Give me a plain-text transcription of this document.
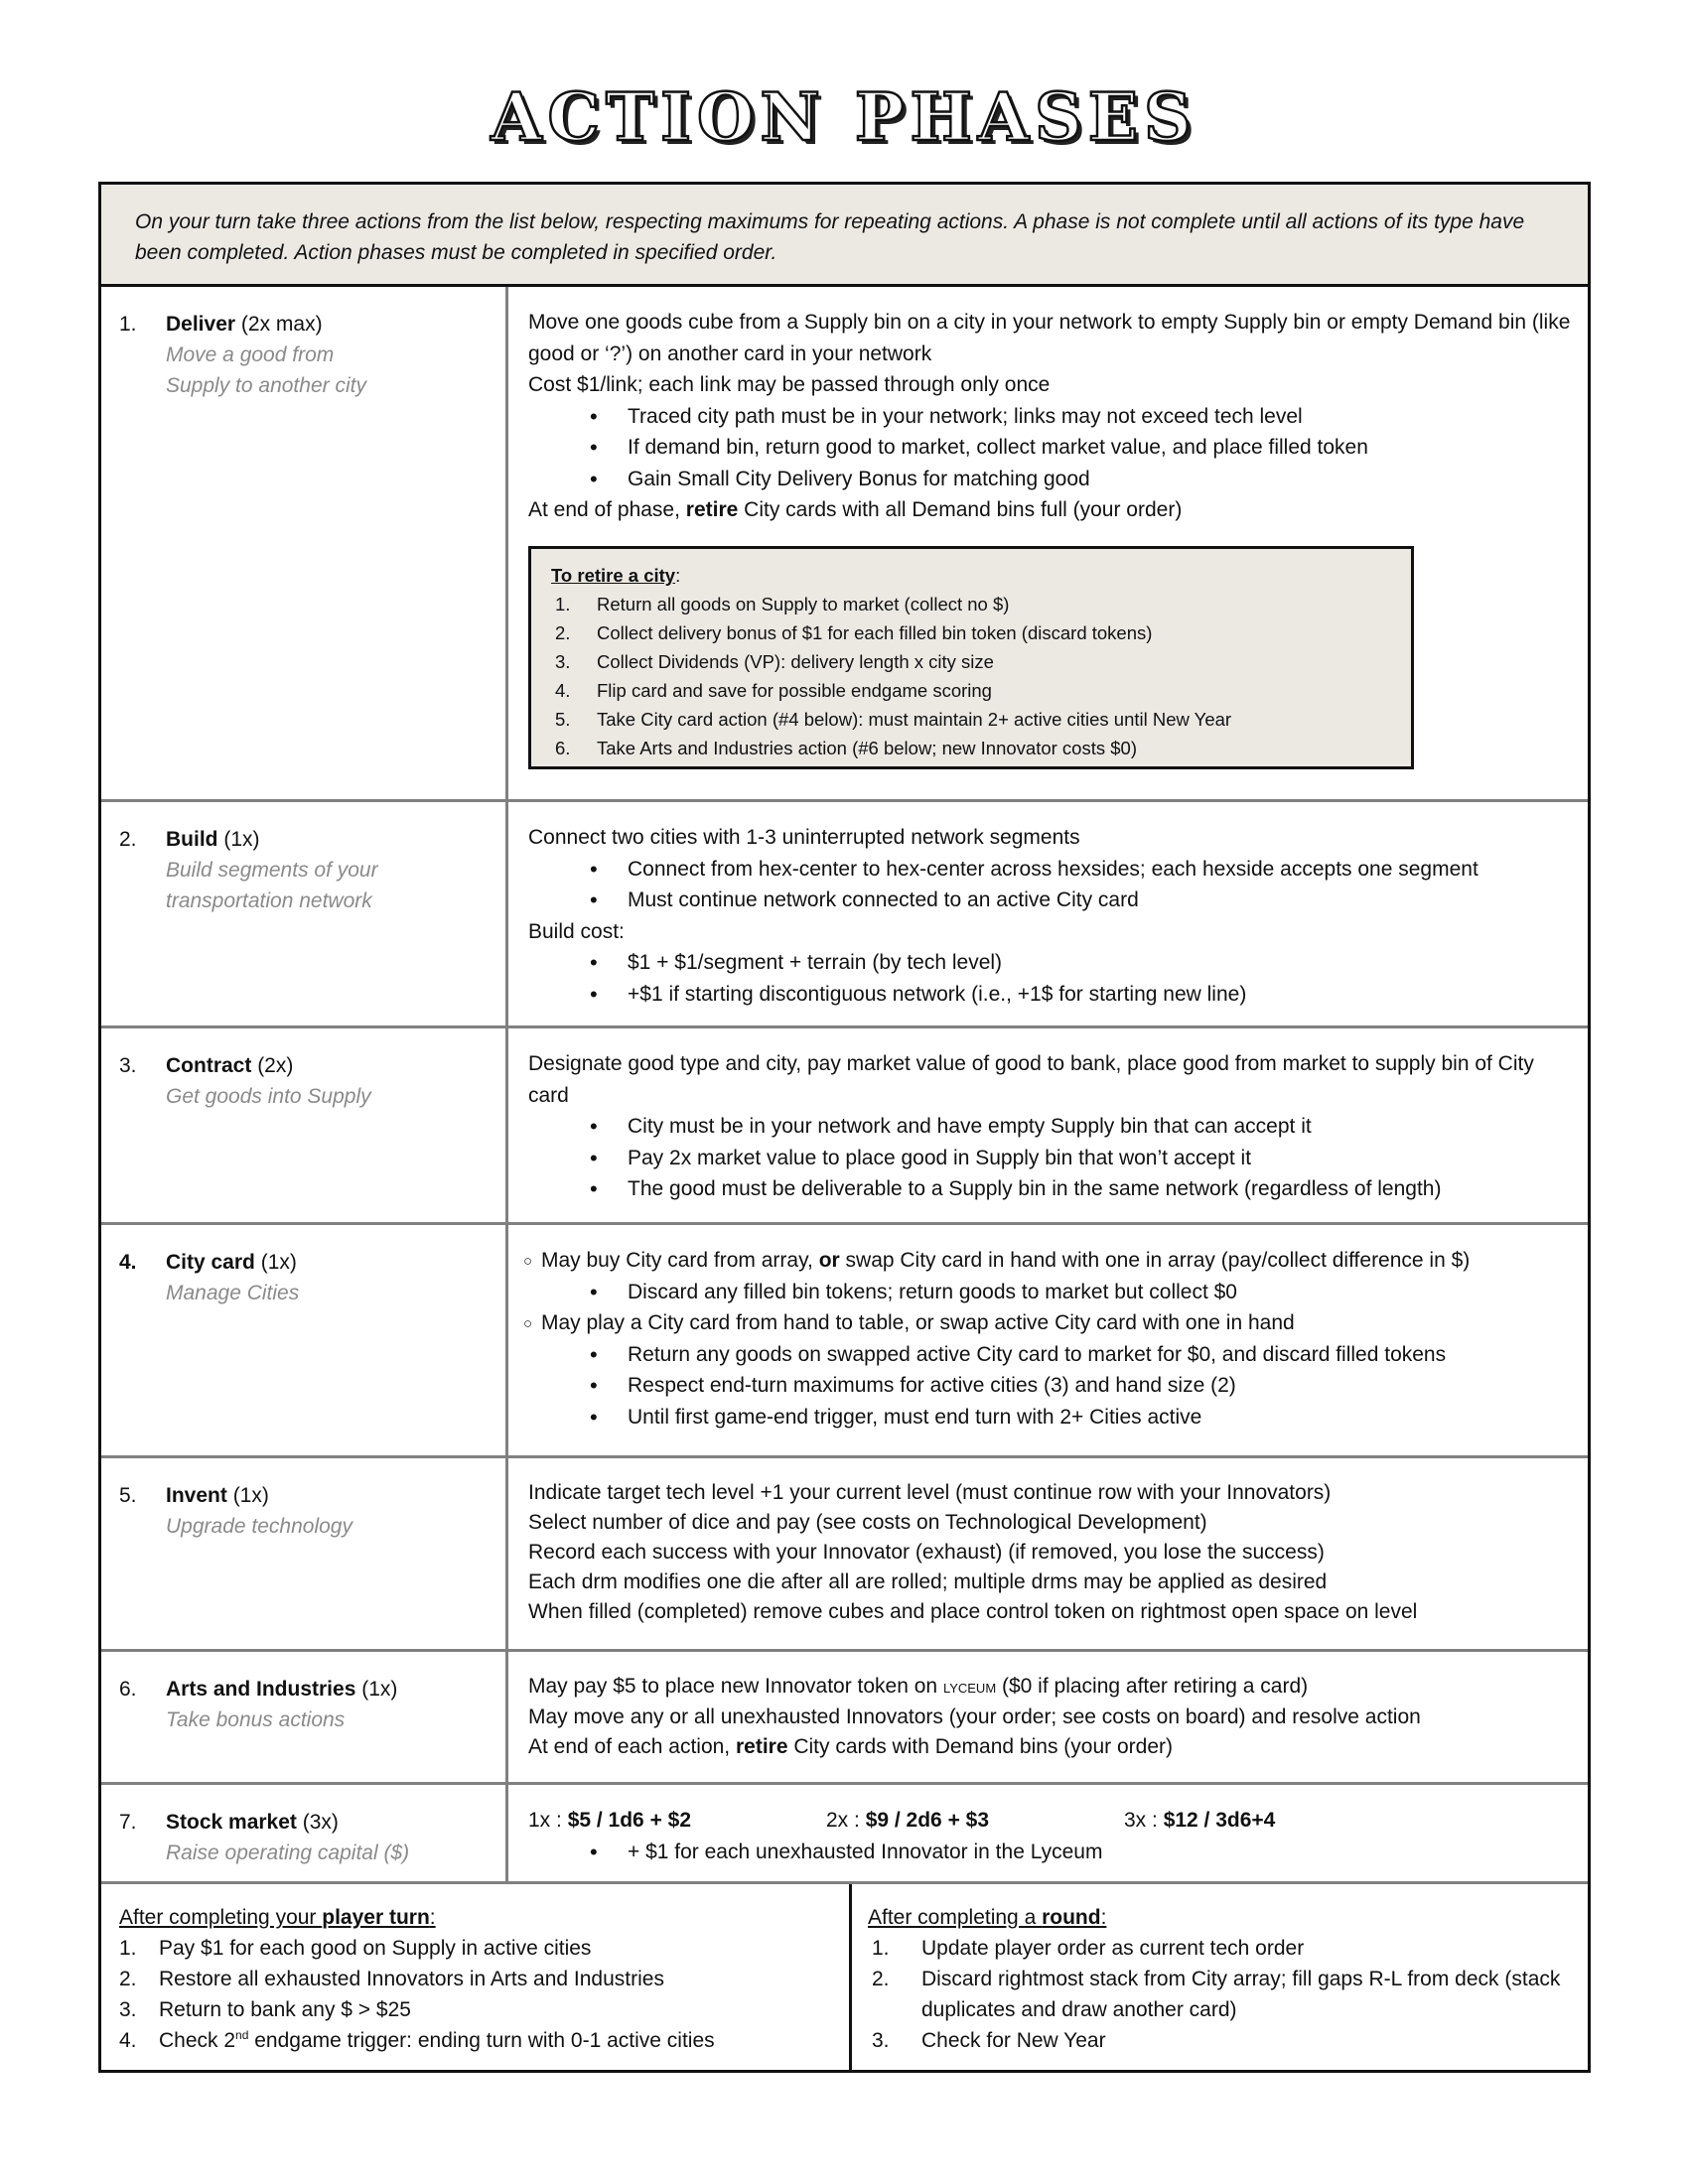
ACTION PHASES
On your turn take three actions from the list below, respecting maximums for repeating actions. A phase is not complete until all actions of its type have been completed. Action phases must be completed in specified order.
1. Deliver (2x max)
Move a good from Supply to another city
Move one goods cube from a Supply bin on a city in your network to empty Supply bin or empty Demand bin (like good or ‘?’) on another card in your network
Cost $1/link; each link may be passed through only once
• Traced city path must be in your network; links may not exceed tech level
• If demand bin, return good to market, collect market value, and place filled token
• Gain Small City Delivery Bonus for matching good
At end of phase, retire City cards with all Demand bins full (your order)
To retire a city:
1. Return all goods on Supply to market (collect no $)
2. Collect delivery bonus of $1 for each filled bin token (discard tokens)
3. Collect Dividends (VP): delivery length x city size
4. Flip card and save for possible endgame scoring
5. Take City card action (#4 below): must maintain 2+ active cities until New Year
6. Take Arts and Industries action (#6 below; new Innovator costs $0)
2. Build (1x)
Build segments of your transportation network
Connect two cities with 1-3 uninterrupted network segments
• Connect from hex-center to hex-center across hexsides; each hexside accepts one segment
• Must continue network connected to an active City card
Build cost:
• $1 + $1/segment + terrain (by tech level)
• +$1 if starting discontiguous network (i.e., +1$ for starting new line)
3. Contract (2x)
Get goods into Supply
Designate good type and city, pay market value of good to bank, place good from market to supply bin of City card
• City must be in your network and have empty Supply bin that can accept it
• Pay 2x market value to place good in Supply bin that won’t accept it
• The good must be deliverable to a Supply bin in the same network (regardless of length)
4. City card (1x)
Manage Cities
○ May buy City card from array, or swap City card in hand with one in array (pay/collect difference in $)
• Discard any filled bin tokens; return goods to market but collect $0
○ May play a City card from hand to table, or swap active City card with one in hand
• Return any goods on swapped active City card to market for $0, and discard filled tokens
• Respect end-turn maximums for active cities (3) and hand size (2)
• Until first game-end trigger, must end turn with 2+ Cities active
5. Invent (1x)
Upgrade technology
Indicate target tech level +1 your current level (must continue row with your Innovators)
Select number of dice and pay (see costs on Technological Development)
Record each success with your Innovator (exhaust) (if removed, you lose the success)
Each drm modifies one die after all are rolled; multiple drms may be applied as desired
When filled (completed) remove cubes and place control token on rightmost open space on level
6. Arts and Industries (1x)
Take bonus actions
May pay $5 to place new Innovator token on lyceum ($0 if placing after retiring a card)
May move any or all unexhausted Innovators (your order; see costs on board) and resolve action
At end of each action, retire City cards with Demand bins (your order)
7. Stock market (3x)
Raise operating capital ($)
1x : $5 / 1d6 + $2	2x : $9 / 2d6 + $3	3x : $12 / 3d6+4
• + $1 for each unexhausted Innovator in the Lyceum
After completing your player turn:
1. Pay $1 for each good on Supply in active cities
2. Restore all exhausted Innovators in Arts and Industries
3. Return to bank any $ > $25
4. Check 2nd endgame trigger: ending turn with 0-1 active cities
After completing a round:
1. Update player order as current tech order
2. Discard rightmost stack from City array; fill gaps R-L from deck (stack duplicates and draw another card)
3. Check for New Year
